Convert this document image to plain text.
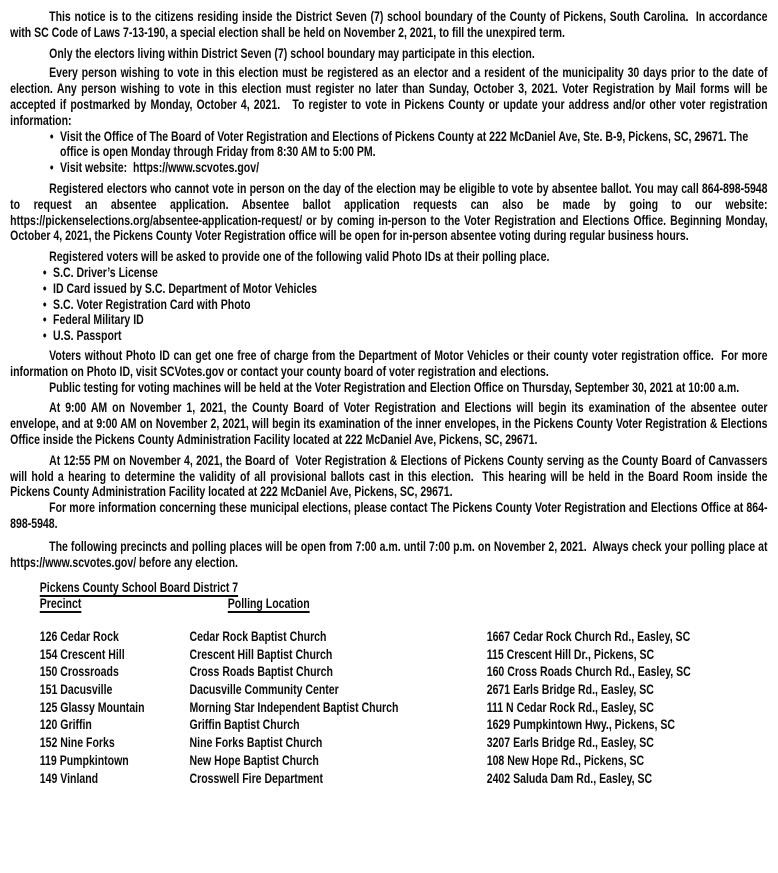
This notice is to the citizens residing inside the District Seven (7) school boundary of the County of Pickens, South Carolina.  In accordance with SC Code of Laws 7-13-190, a special election shall be held on November 2, 2021, to fill the unexpired term.

Only the electors living within District Seven (7) school boundary may participate in this election.

Every person wishing to vote in this election must be registered as an elector and a resident of the municipality 30 days prior to the date of election. Any person wishing to vote in this election must register no later than Sunday, October 3, 2021. Voter Registration by Mail forms will be accepted if postmarked by Monday, October 4, 2021.   To register to vote in Pickens County or update your address and/or other voter registration information:

• Visit the Office of The Board of Voter Registration and Elections of Pickens County at 222 McDaniel Ave, Ste. B-9, Pickens, SC, 29671. The office is open Monday through Friday from 8:30 AM to 5:00 PM.
• Visit website:  https://www.scvotes.gov/

Registered electors who cannot vote in person on the day of the election may be eligible to vote by absentee ballot. You may call 864-898-5948 to request an absentee application. Absentee ballot application requests can also be made by going to our website: https://pickenselections.org/absentee-application-request/ or by coming in-person to the Voter Registration and Elections Office. Beginning Monday, October 4, 2021, the Pickens County Voter Registration office will be open for in-person absentee voting during regular business hours.

Registered voters will be asked to provide one of the following valid Photo IDs at their polling place.

• S.C. Driver’s License
• ID Card issued by S.C. Department of Motor Vehicles
• S.C. Voter Registration Card with Photo
• Federal Military ID
• U.S. Passport

Voters without Photo ID can get one free of charge from the Department of Motor Vehicles or their county voter registration office.  For more information on Photo ID, visit SCVotes.gov or contact your county board of voter registration and elections.

Public testing for voting machines will be held at the Voter Registration and Election Office on Thursday, September 30, 2021 at 10:00 a.m.

At 9:00 AM on November 1, 2021, the County Board of Voter Registration and Elections will begin its examination of the absentee outer envelope, and at 9:00 AM on November 2, 2021, will begin its examination of the inner envelopes, in the Pickens County Voter Registration & Elections  Office inside the Pickens County Administration Facility located at 222 McDaniel Ave, Pickens, SC, 29671.

At 12:55 PM on November 4, 2021, the Board of  Voter Registration & Elections of Pickens County serving as the County Board of Canvassers will hold a hearing to determine the validity of all provisional ballots cast in this election.  This hearing will be held in the Board Room inside the Pickens County Administration Facility located at 222 McDaniel Ave, Pickens, SC, 29671.

For more information concerning these municipal elections, please contact The Pickens County Voter Registration and Elections Office at 864-898-5948.

The following precincts and polling places will be open from 7:00 a.m. until 7:00 p.m. on November 2, 2021.  Always check your polling place at https://www.scvotes.gov/ before any election.

Pickens County School Board District 7
Precinct	Polling Location
126 Cedar Rock	Cedar Rock Baptist Church	1667 Cedar Rock Church Rd., Easley, SC
154 Crescent Hill	Crescent Hill Baptist Church	115 Crescent Hill Dr., Pickens, SC
150 Crossroads	Cross Roads Baptist Church	160 Cross Roads Church Rd., Easley, SC
151 Dacusville	Dacusville Community Center	2671 Earls Bridge Rd., Easley, SC
125 Glassy Mountain	Morning Star Independent Baptist Church	111 N Cedar Rock Rd., Easley, SC
120 Griffin	Griffin Baptist Church	1629 Pumpkintown Hwy., Pickens, SC
152 Nine Forks	Nine Forks Baptist Church	3207 Earls Bridge Rd., Easley, SC
119 Pumpkintown	New Hope Baptist Church	108 New Hope Rd., Pickens, SC
149 Vinland	Crosswell Fire Department	2402 Saluda Dam Rd., Easley, SC
